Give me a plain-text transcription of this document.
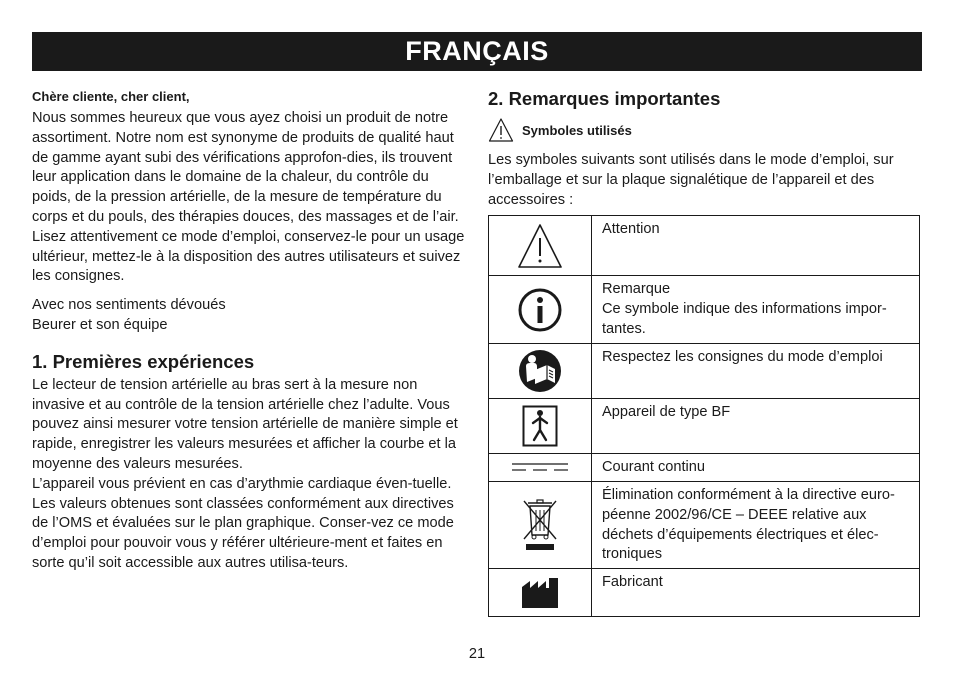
FRANÇAIS
Chère cliente, cher client,

Nous sommes heureux que vous ayez choisi un produit de notre assortiment. Notre nom est synonyme de produits de qualité haut de gamme ayant subi des vérifications approfon-dies, ils trouvent leur application dans le domaine de la chaleur, du contrôle du poids, de la pression artérielle, de la mesure de température du corps et du pouls, des thérapies douces, des massages et de l’air.

Lisez attentivement ce mode d’emploi, conservez-le pour un usage ultérieur, mettez-le à la disposition des autres utilisateurs et suivez les consignes.

Avec nos sentiments dévoués

Beurer et son équipe

1. Premières expériences

Le lecteur de tension artérielle au bras sert à la mesure non invasive et au contrôle de la tension artérielle chez l’adulte. Vous pouvez ainsi mesurer votre tension artérielle de manière simple et rapide, enregistrer les valeurs mesurées et afficher la courbe et la moyenne des valeurs mesurées.

L’appareil vous prévient en cas d’arythmie cardiaque éven-tuelle. Les valeurs obtenues sont classées conformément aux directives de l’OMS et évaluées sur le plan graphique. Conser-vez ce mode d’emploi pour pouvoir vous y référer ultérieure-ment et faites en sorte qu’il soit accessible aux autres utilisa-teurs.

2. Remarques importantes
Symboles utilisés

Les symboles suivants sont utilisés dans le mode d’emploi, sur l’emballage et sur la plaque signalétique de l’appareil et des accessoires :

Attention

Remarque
Ce symbole indique des informations impor-tantes.

Respectez les consignes du mode d’emploi

Appareil de type BF

Courant continu

Élimination conformément à la directive euro-péenne 2002/96/CE – DEEE relative aux déchets d’équipements électriques et élec-troniques

Fabricant
21
